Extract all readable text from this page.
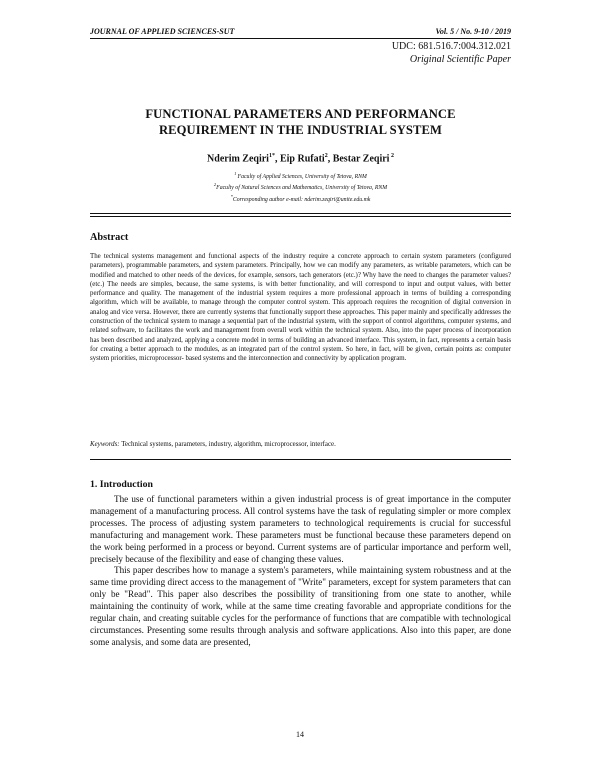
JOURNAL OF APPLIED SCIENCES-SUT	Vol. 5 / No. 9-10 / 2019
UDC: 681.516.7:004.312.021
Original Scientific Paper
FUNCTIONAL PARAMETERS AND PERFORMANCE
REQUIREMENT IN THE INDUSTRIAL SYSTEM
Nderim Zeqiri$^{1*}$, Eip Rufati$^2$, Bestar Zeqiri $^2$
$^1$ Faculty of Applied Sciences, University of Tetova, RNM
$^2$Faculty of Natural Sciences and Mathematics, University of Tetova, RNM
*Corresponding author e-mail: nderim.zeqiri@unite.edu.mk
Abstract
The technical systems management and functional aspects of the industry require a concrete approach to certain system parameters (configured parameters), programmable parameters, and system parameters. Principally, how we can modify any parameters, as writable parameters, which can be modified and matched to other needs of the devices, for example, sensors, tach generators (etc.)? Why have the need to changes the parameter values? (etc.) The needs are simples, because, the same systems, is with better functionality, and will correspond to input and output values, with better performance and quality. The management of the industrial system requires a more professional approach in terms of building a corresponding algorithm, which will be available, to manage through the computer control system. This approach requires the recognition of digital conversion in analog and vice versa. However, there are currently systems that functionally support these approaches. This paper mainly and specifically addresses the construction of the technical system to manage a sequential part of the industrial system, with the support of control algorithms, computer systems, and related software, to facilitates the work and management from overall work within the technical system. Also, into the paper process of incorporation has been described and analyzed, applying a concrete model in terms of building an advanced interface. This system, in fact, represents a certain basis for creating a better approach to the modules, as an integrated part of the control system. So here, in fact, will be given, certain points as: computer system priorities, microprocessor- based systems and the interconnection and connectivity by application program.
Keywords: Technical systems, parameters, industry, algorithm, microprocessor, interface.
1. Introduction

The use of functional parameters within a given industrial process is of great importance in the computer management of a manufacturing process. All control systems have the task of regulating simpler or more complex processes. The process of adjusting system parameters to technological requirements is crucial for successful manufacturing and management work. These parameters must be functional because these parameters depend on the work being performed in a process or beyond. Current systems are of particular importance and perform well, precisely because of the flexibility and ease of changing these values.

This paper describes how to manage a system's parameters, while maintaining system robustness and at the same time providing direct access to the management of "Write" parameters, except for system parameters that can only be "Read". This paper also describes the possibility of transitioning from one state to another, while maintaining the continuity of work, while at the same time creating favorable and appropriate conditions for the regular chain, and creating suitable cycles for the performance of functions that are compatible with technological circumstances. Presenting some results through analysis and software applications. Also into this paper, are done some analysis, and some data are presented,

14
